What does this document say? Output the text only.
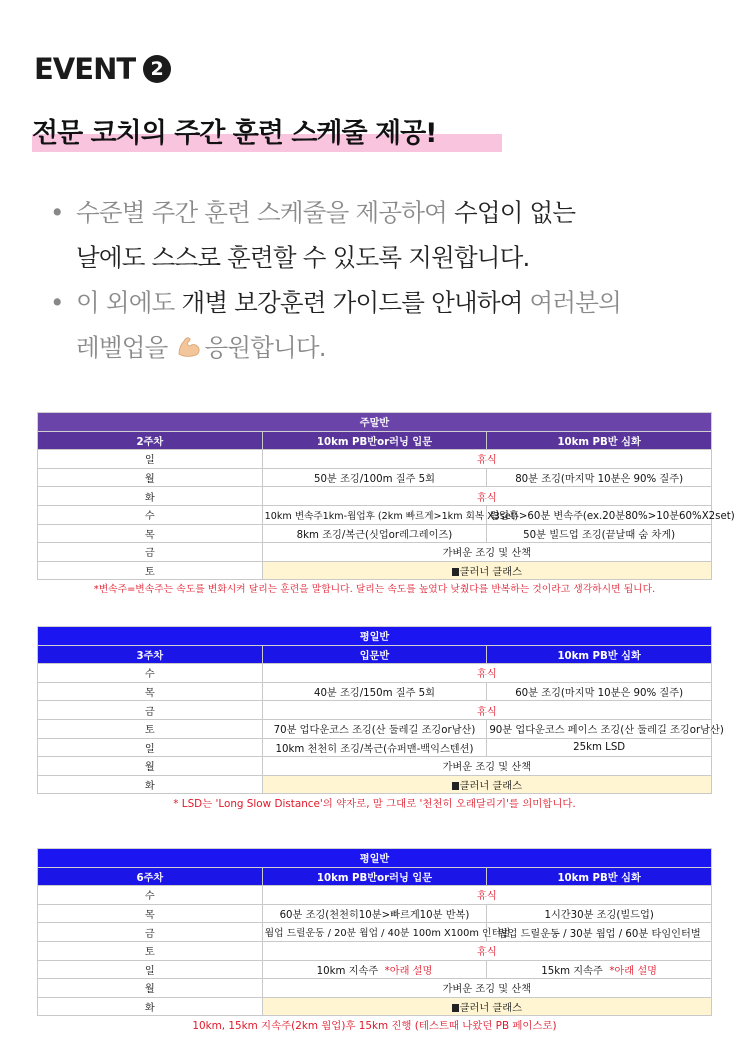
EVENT 2
전문 코치의 주간 훈련 스케줄 제공!
• 수준별 주간 훈련 스케줄을 제공하여 수업이 없는
날에도 스스로 훈련할 수 있도록 지원합니다.
• 이 외에도 개별 보강훈련 가이드를 안내하여 여러분의
레벨업을 응원합니다.
주말반		
2주차	10km PB반or러닝 입문	10km PB반 심화
일	휴식	
월	50분 조깅/100m 질주 5회	80분 조깅(마지막 10분은 90% 질주)
화	휴식	
수	10km 변속주1km-웜업후 (2km 빠르게>1km 회복 X3set)	웜업후>60분 변속주(ex.20분80%>10분60%X2set)
목	8km 조깅/복근(싯업or레그레이즈)	50분 빌드업 조깅(끝날때 숨 차게)
금	가벼운 조깅 및 산책	
토	클러너 클래스	
*변속주=변속주는 속도를 변화시켜 달리는 훈련을 말합니다. 달리는 속도를 높였다 낮췄다를 반복하는 것이라고 생각하시면 됩니다.
평일반		
3주차	입문반	10km PB반 심화
수	휴식	
목	40분 조깅/150m 질주 5회	60분 조깅(마지막 10분은 90% 질주)
금	휴식	
토	70분 업다운코스 조깅(산 둘레길 조깅or남산)	90분 업다운코스 페이스 조깅(산 둘레길 조깅or남산)
일	10km 천천히 조깅/복근(슈퍼맨-백익스텐션)	25km LSD
월	가벼운 조깅 및 산책	
화	클러너 클래스	
* LSD는 'Long Slow Distance'의 약자로, 말 그대로 '천천히 오래달리기'를 의미합니다.
평일반		
6주차	10km PB반or러닝 입문	10km PB반 심화
수	휴식	
목	60분 조깅(천천히10분>빠르게10분 반복)	1시간30분 조깅(빌드업)
금	웜업 드릴운동 / 20분 웜업 / 40분 100m X100m 인터벌	웜업 드릴운동 / 30분 웜업 / 60분 타임인터벌
토	휴식	
일	10km 지속주 *아래 설명	15km 지속주 *아래 설명
월	가벼운 조깅 및 산책	
화	클러너 클래스	
10km, 15km 지속주(2km 웜업)후 15km 진행 (테스트때 나왔던 PB 페이스로)
